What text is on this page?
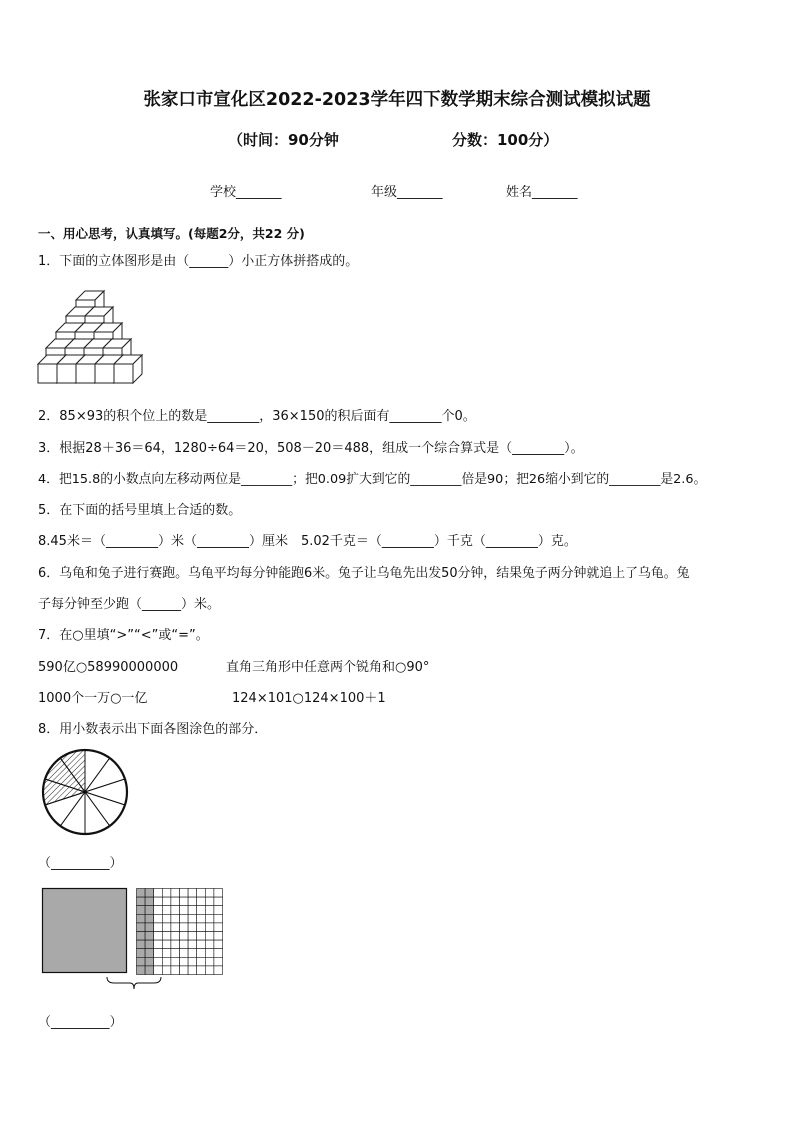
张家口市宣化区2022-2023学年四下数学期末综合测试模拟试题
（时间：90分钟	分数：100分）
学校_______	年级_______	姓名_______
一、用心思考，认真填写。(每题2分，共22 分)
1．下面的立体图形是由（______）小正方体拼搭成的。
2．85×93的积个位上的数是________，36×150的积后面有________个0。
3．根据28＋36＝64，1280÷64＝20，508－20＝488，组成一个综合算式是（________）。
4．把15.8的小数点向左移动两位是________；把0.09扩大到它的________倍是90；把26缩小到它的________是2.6。
5．在下面的括号里填上合适的数。
8.45米＝（________）米（________）厘米　5.02千克＝（________）千克（________）克。
6．乌龟和兔子进行赛跑。乌龟平均每分钟能跑6米。兔子让乌龟先出发50分钟，结果兔子两分钟就追上了乌龟。兔
子每分钟至少跑（______）米。
7．在○里填“>”“<”或“=”。
590亿○58990000000	直角三角形中任意两个锐角和○90°
1000个一万○一亿	124×101○124×100＋1
8．用小数表示出下面各图涂色的部分．
（_________）
（_________）
